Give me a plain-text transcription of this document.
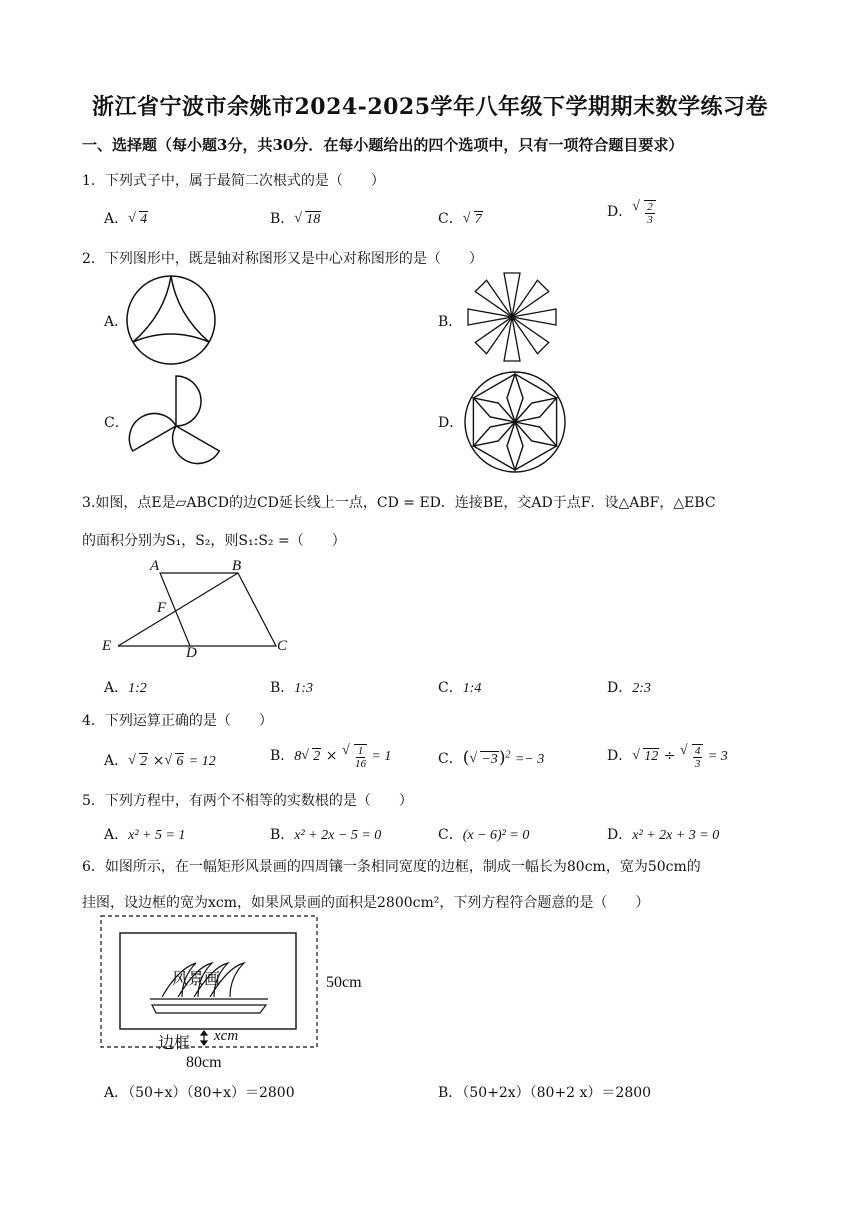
浙江省宁波市余姚市2024-2025学年八年级下学期期末数学练习卷
一、选择题（每小题3分，共30分．在每小题给出的四个选项中，只有一项符合题目要求）
1．下列式子中，属于最简二次根式的是（　　）
A． √ 4	B． √ 18	C． √ 7	D． √ $\frac{2}{3}$
2．下列图形中，既是轴对称图形又是中心对称图形的是（　　）
A．	B．
C．	D．
3.如图，点E是▱ABCD的边CD延长线上一点，CD = ED．连接BE，交AD于点F．设△ABF，△EBC
的面积分别为S₁，S₂，则S₁:S₂ =（　　）
A	B
F
E	D	C
A．1:2	B．1:3	C．1:4	D．2:3
4．下列运算正确的是（　　）
A． √ 2 × √ 6 = 12	B．8 √ 2 × √ $\frac{1}{16} = 1$	C．( √ −3)$^2$ =− 3	D． √ 12 ÷ √ $\frac{4}{3} = 3$
5．下列方程中，有两个不相等的实数根的是（　　）
A．x² + 5 = 1	B．x² + 2x − 5 = 0	C．(x − 6)² = 0	D．x² + 2x + 3 = 0
6．如图所示，在一幅矩形风景画的四周镶一条相同宽度的边框，制成一幅长为80cm，宽为50cm的
挂图，设边框的宽为xcm，如果风景画的面积是2800cm²，下列方程符合题意的是（　　）
风景画	50cm
边框 xcm
80cm
A．（50+x）（80+x）＝2800	B．（50+2x）（80+2 x）＝2800
